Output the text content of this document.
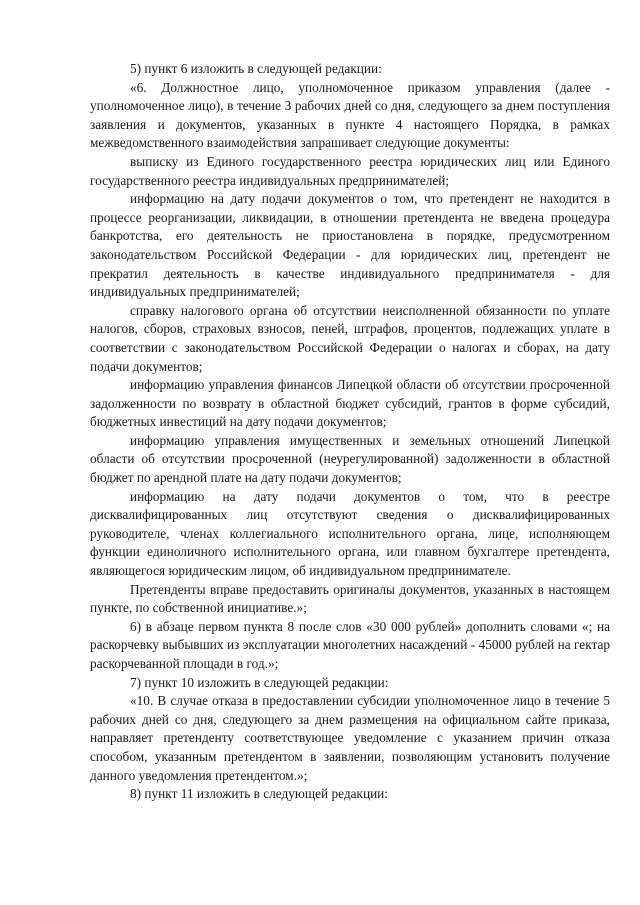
5) пункт 6 изложить в следующей редакции:

«6. Должностное лицо, уполномоченное приказом управления (далее - уполномоченное лицо), в течение 3 рабочих дней со дня, следующего за днем поступления заявления и документов, указанных в пункте 4 настоящего Порядка, в рамках межведомственного взаимодействия запрашивает следующие документы:

выписку из Единого государственного реестра юридических лиц или Единого государственного реестра индивидуальных предпринимателей;

информацию на дату подачи документов о том, что претендент не находится в процессе реорганизации, ликвидации, в отношении претендента не введена процедура банкротства, его деятельность не приостановлена в порядке, предусмотренном законодательством Российской Федерации - для юридических лиц, претендент не прекратил деятельность в качестве индивидуального предпринимателя - для индивидуальных предпринимателей;

справку налогового органа об отсутствии неисполненной обязанности по уплате налогов, сборов, страховых взносов, пеней, штрафов, процентов, подлежащих уплате в соответствии с законодательством Российской Федерации о налогах и сборах, на дату подачи документов;

информацию управления финансов Липецкой области об отсутствии просроченной задолженности по возврату в областной бюджет субсидий, грантов в форме субсидий, бюджетных инвестиций на дату подачи документов;

информацию управления имущественных и земельных отношений Липецкой области об отсутствии просроченной (неурегулированной) задолженности в областной бюджет по арендной плате на дату подачи документов;

информацию на дату подачи документов о том, что в реестре дисквалифицированных лиц отсутствуют сведения о дисквалифицированных руководителе, членах коллегиального исполнительного органа, лице, исполняющем функции единоличного исполнительного органа, или главном бухгалтере претендента, являющегося юридическим лицом, об индивидуальном предпринимателе.

Претенденты вправе предоставить оригиналы документов, указанных в настоящем пункте, по собственной инициативе.»;

6) в абзаце первом пункта 8 после слов «30 000 рублей» дополнить словами «; на раскорчевку выбывших из эксплуатации многолетних насаждений - 45000 рублей на гектар раскорчеванной площади в год.»;

7) пункт 10 изложить в следующей редакции:

«10. В случае отказа в предоставлении субсидии уполномоченное лицо в течение 5 рабочих дней со дня, следующего за днем размещения на официальном сайте приказа, направляет претенденту соответствующее уведомление с указанием причин отказа способом, указанным претендентом в заявлении, позволяющим установить получение данного уведомления претендентом.»;

8) пункт 11 изложить в следующей редакции:
